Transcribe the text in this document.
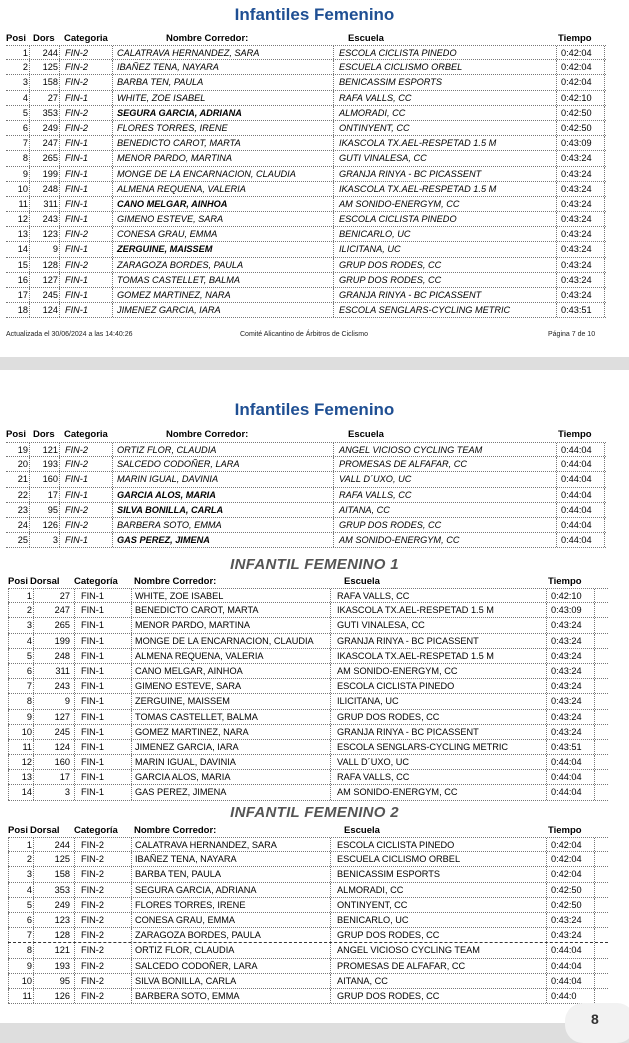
Infantiles Femenino
Posi Dors Categoria	Nombre Corredor:	Escuela	Tiempo
1	244 FIN-2	CALATRAVA HERNANDEZ, SARA	ESCOLA CICLISTA PINEDO	0:42:04
2	125 FIN-2	IBAÑEZ TENA, NAYARA	ESCUELA CICLISMO ORBEL	0:42:04
3	158 FIN-2	BARBA TEN, PAULA	BENICASSIM ESPORTS	0:42:04
4	27 FIN-1	WHITE, ZOE ISABEL	RAFA VALLS, CC	0:42:10
5	353 FIN-2	SEGURA GARCIA, ADRIANA	ALMORADI, CC	0:42:50
6	249 FIN-2	FLORES TORRES, IRENE	ONTINYENT, CC	0:42:50
7	247 FIN-1	BENEDICTO CAROT, MARTA	IKASCOLA TX.AEL-RESPETAD 1.5 M	0:43:09
8	265 FIN-1	MENOR PARDO, MARTINA	GUTI VINALESA, CC	0:43:24
9	199 FIN-1	MONGE DE LA ENCARNACION, CLAUDIA	GRANJA RINYA - BC PICASSENT	0:43:24
10	248 FIN-1	ALMENA REQUENA, VALERIA	IKASCOLA TX.AEL-RESPETAD 1.5 M	0:43:24
11	311 FIN-1	CANO MELGAR, AINHOA	AM SONIDO-ENERGYM, CC	0:43:24
12	243 FIN-1	GIMENO ESTEVE, SARA	ESCOLA CICLISTA PINEDO	0:43:24
13	123 FIN-2	CONESA GRAU, EMMA	BENICARLO, UC	0:43:24
14	9 FIN-1	ZERGUINE, MAISSEM	ILICITANA, UC	0:43:24
15	128 FIN-2	ZARAGOZA BORDES, PAULA	GRUP DOS RODES, CC	0:43:24
16	127 FIN-1	TOMAS CASTELLET, BALMA	GRUP DOS RODES, CC	0:43:24
17	245 FIN-1	GOMEZ MARTINEZ, NARA	GRANJA RINYA - BC PICASSENT	0:43:24
18	124 FIN-1	JIMENEZ GARCIA, IARA	ESCOLA SENGLARS-CYCLING METRIC	0:43:51
Actualizada el 30/06/2024 a las 14:40:26	Comité Alicantino de Árbitros de Ciclismo	Página 7 de 10
Infantiles Femenino
Posi Dors Categoria	Nombre Corredor:	Escuela	Tiempo
19	121 FIN-2	ORTIZ FLOR, CLAUDIA	ANGEL VICIOSO CYCLING TEAM	0:44:04
20	193 FIN-2	SALCEDO CODOÑER, LARA	PROMESAS DE ALFAFAR, CC	0:44:04
21	160 FIN-1	MARIN IGUAL, DAVINIA	VALL D´UXO, UC	0:44:04
22	17 FIN-1	GARCIA ALOS, MARIA	RAFA VALLS, CC	0:44:04
23	95 FIN-2	SILVA BONILLA, CARLA	AITANA, CC	0:44:04
24	126 FIN-2	BARBERA SOTO, EMMA	GRUP DOS RODES, CC	0:44:04
25	3 FIN-1	GAS PEREZ, JIMENA	AM SONIDO-ENERGYM, CC	0:44:04
INFANTIL FEMENINO 1
Posi Dorsal Categoría Nombre Corredor:	Escuela	Tiempo
1	27	FIN-1	WHITE, ZOE ISABEL	RAFA VALLS, CC	0:42:10
2	247	FIN-1	BENEDICTO CAROT, MARTA	IKASCOLA TX.AEL-RESPETAD 1.5 M	0:43:09
3	265	FIN-1	MENOR PARDO, MARTINA	GUTI VINALESA, CC	0:43:24
4	199	FIN-1	MONGE DE LA ENCARNACION, CLAUDIA	GRANJA RINYA - BC PICASSENT	0:43:24
5	248	FIN-1	ALMENA REQUENA, VALERIA	IKASCOLA TX.AEL-RESPETAD 1.5 M	0:43:24
6	311	FIN-1	CANO MELGAR, AINHOA	AM SONIDO-ENERGYM, CC	0:43:24
7	243	FIN-1	GIMENO ESTEVE, SARA	ESCOLA CICLISTA PINEDO	0:43:24
8	9	FIN-1	ZERGUINE, MAISSEM	ILICITANA, UC	0:43:24
9	127	FIN-1	TOMAS CASTELLET, BALMA	GRUP DOS RODES, CC	0:43:24
10	245	FIN-1	GOMEZ MARTINEZ, NARA	GRANJA RINYA - BC PICASSENT	0:43:24
11	124	FIN-1	JIMENEZ GARCIA, IARA	ESCOLA SENGLARS-CYCLING METRIC	0:43:51
12	160	FIN-1	MARIN IGUAL, DAVINIA	VALL D´UXO, UC	0:44:04
13	17	FIN-1	GARCIA ALOS, MARIA	RAFA VALLS, CC	0:44:04
14	3	FIN-1	GAS PEREZ, JIMENA	AM SONIDO-ENERGYM, CC	0:44:04
INFANTIL FEMENINO 2
Posi Dorsal Categoría Nombre Corredor:	Escuela	Tiempo
1	244	FIN-2	CALATRAVA HERNANDEZ, SARA	ESCOLA CICLISTA PINEDO	0:42:04
2	125	FIN-2	IBAÑEZ TENA, NAYARA	ESCUELA CICLISMO ORBEL	0:42:04
3	158	FIN-2	BARBA TEN, PAULA	BENICASSIM ESPORTS	0:42:04
4	353	FIN-2	SEGURA GARCIA, ADRIANA	ALMORADI, CC	0:42:50
5	249	FIN-2	FLORES TORRES, IRENE	ONTINYENT, CC	0:42:50
6	123	FIN-2	CONESA GRAU, EMMA	BENICARLO, UC	0:43:24
7	128	FIN-2	ZARAGOZA BORDES, PAULA	GRUP DOS RODES, CC	0:43:24
8	121	FIN-2	ORTIZ FLOR, CLAUDIA	ANGEL VICIOSO CYCLING TEAM	0:44:04
9	193	FIN-2	SALCEDO CODOÑER, LARA	PROMESAS DE ALFAFAR, CC	0:44:04
10	95	FIN-2	SILVA BONILLA, CARLA	AITANA, CC	0:44:04
11	126	FIN-2	BARBERA SOTO, EMMA	GRUP DOS RODES, CC	0:44:0
8
